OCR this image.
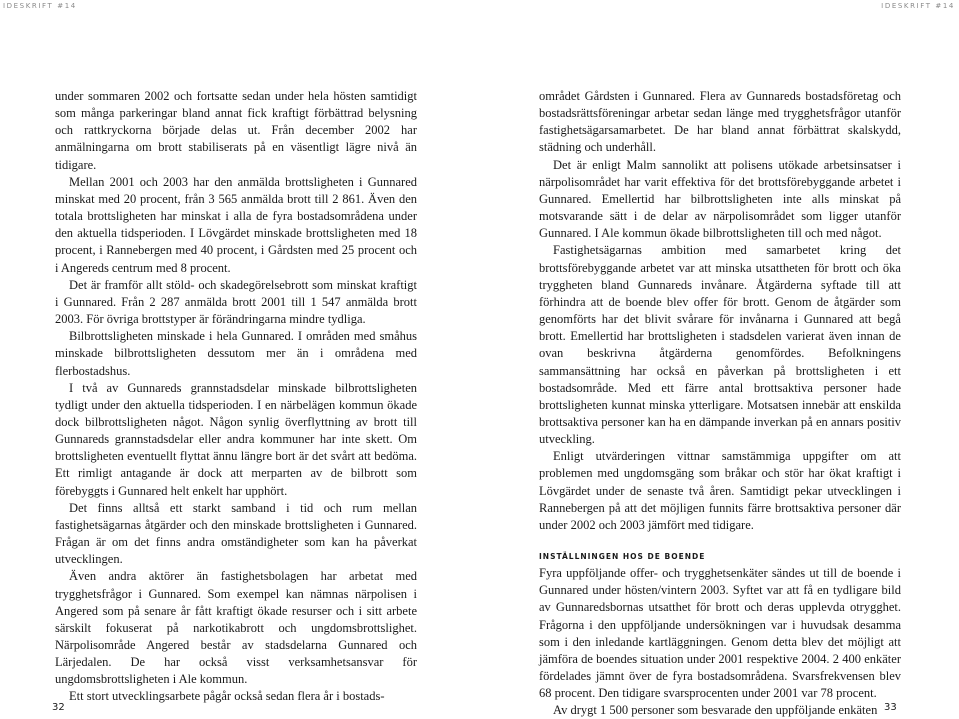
IDESKRIFT #14	IDESKRIFT #14

under sommaren 2002 och fortsatte sedan under hela hösten samtidigt som många parkeringar bland annat fick kraftigt förbättrad belysning och rattkryckorna började delas ut. Från december 2002 har anmälningarna om brott stabiliserats på en väsentligt lägre nivå än tidigare.

Mellan 2001 och 2003 har den anmälda brottsligheten i Gunnared minskat med 20 procent, från 3 565 anmälda brott till 2 861. Även den totala brottsligheten har minskat i alla de fyra bostadsområdena under den aktuella tidsperioden. I Lövgärdet minskade brottsligheten med 18 procent, i Rannebergen med 40 procent, i Gårdsten med 25 procent och i Angereds centrum med 8 procent.

Det är framför allt stöld- och skadegörelsebrott som minskat kraftigt i Gunnared. Från 2 287 anmälda brott 2001 till 1 547 anmälda brott 2003. För övriga brottstyper är förändringarna mindre tydliga.

Bilbrottsligheten minskade i hela Gunnared. I områden med småhus minskade bilbrottsligheten dessutom mer än i områdena med flerbostadshus.

I två av Gunnareds grannstadsdelar minskade bilbrottsligheten tydligt under den aktuella tidsperioden. I en närbelägen kommun ökade dock bilbrottsligheten något. Någon synlig överflyttning av brott till Gunnareds grannstadsdelar eller andra kommuner har inte skett. Om brottsligheten eventuellt flyttat ännu längre bort är det svårt att bedöma. Ett rimligt antagande är dock att merparten av de bilbrott som förebyggts i Gunnared helt enkelt har upphört.

Det finns alltså ett starkt samband i tid och rum mellan fastighetsägarnas åtgärder och den minskade brottsligheten i Gunnared. Frågan är om det finns andra omständigheter som kan ha påverkat utvecklingen.

Även andra aktörer än fastighetsbolagen har arbetat med trygghetsfrågor i Gunnared. Som exempel kan nämnas närpolisen i Angered som på senare år fått kraftigt ökade resurser och i sitt arbete särskilt fokuserat på narkotikabrott och ungdomsbrottslighet. Närpolisområde Angered består av stadsdelarna Gunnared och Lärjedalen. De har också visst verksamhetsansvar för ungdomsbrottsligheten i Ale kommun.

Ett stort utvecklingsarbete pågår också sedan flera år i bostads-

området Gårdsten i Gunnared. Flera av Gunnareds bostadsföretag och bostadsrättsföreningar arbetar sedan länge med trygghetsfrågor utanför fastighetsägarsamarbetet. De har bland annat förbättrat skalskydd, städning och underhåll.

Det är enligt Malm sannolikt att polisens utökade arbetsinsatser i närpolisområdet har varit effektiva för det brottsförebyggande arbetet i Gunnared. Emellertid har bilbrottsligheten inte alls minskat på motsvarande sätt i de delar av närpolisområdet som ligger utanför Gunnared. I Ale kommun ökade bilbrottsligheten till och med något.

Fastighetsägarnas ambition med samarbetet kring det brottsförebyggande arbetet var att minska utsattheten för brott och öka tryggheten bland Gunnareds invånare. Åtgärderna syftade till att förhindra att de boende blev offer för brott. Genom de åtgärder som genomförts har det blivit svårare för invånarna i Gunnared att begå brott. Emellertid har brottsligheten i stadsdelen varierat även innan de ovan beskrivna åtgärderna genomfördes. Befolkningens sammansättning har också en påverkan på brottsligheten i ett bostadsområde. Med ett färre antal brottsaktiva personer hade brottsligheten kunnat minska ytterligare. Motsatsen innebär att enskilda brottsaktiva personer kan ha en dämpande inverkan på en annars positiv utveckling.

Enligt utvärderingen vittnar samstämmiga uppgifter om att problemen med ungdomsgäng som bråkar och stör har ökat kraftigt i Lövgärdet under de senaste två åren. Samtidigt pekar utvecklingen i Rannebergen på att det möjligen funnits färre brottsaktiva personer där under 2002 och 2003 jämfört med tidigare.

INSTÄLLNINGEN HOS DE BOENDE

Fyra uppföljande offer- och trygghetsenkäter sändes ut till de boende i Gunnared under hösten/vintern 2003. Syftet var att få en tydligare bild av Gunnaredsbornas utsatthet för brott och deras upplevda otrygghet. Frågorna i den uppföljande undersökningen var i huvudsak desamma som i den inledande kartläggningen. Genom detta blev det möjligt att jämföra de boendes situation under 2001 respektive 2004. 2 400 enkäter fördelades jämnt över de fyra bostadsområdena. Svarsfrekvensen blev 68 procent. Den tidigare svarsprocenten under 2001 var 78 procent.

Av drygt 1 500 personer som besvarade den uppföljande enkäten

32	33
